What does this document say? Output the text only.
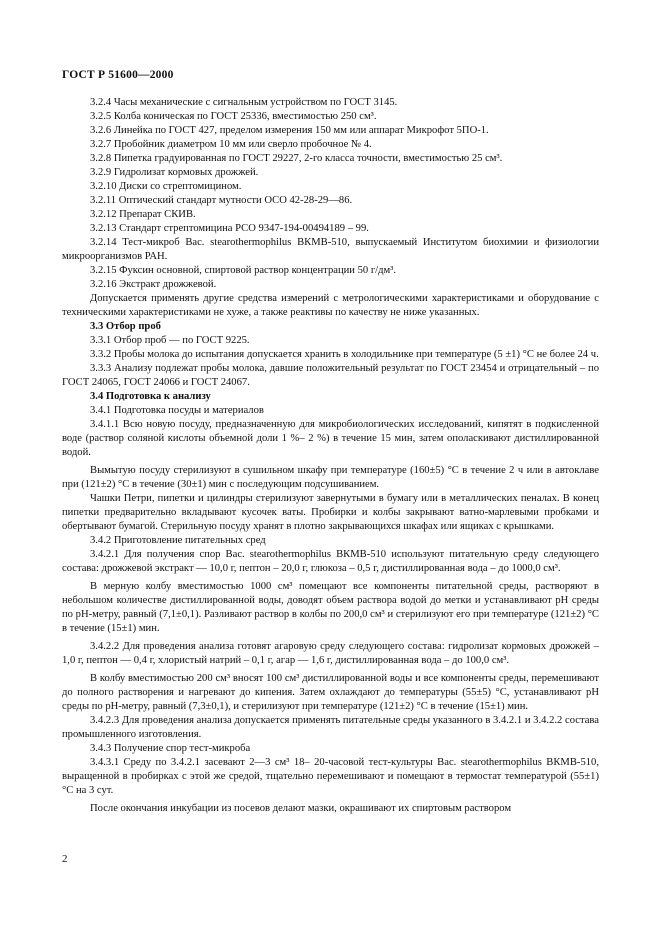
ГОСТ Р 51600—2000

3.2.4 Часы механические с сигнальным устройством по ГОСТ 3145.

3.2.5 Колба коническая по ГОСТ 25336, вместимостью 250 см³.

3.2.6 Линейка по ГОСТ 427, пределом измерения 150 мм или аппарат Микрофот 5ПО-1.

3.2.7 Пробойник диаметром 10 мм или сверло пробочное № 4.

3.2.8 Пипетка градуированная по ГОСТ 29227, 2-го класса точности, вместимостью 25 см³.

3.2.9 Гидролизат кормовых дрожжей.

3.2.10 Диски со стрептомицином.

3.2.11 Оптический стандарт мутности ОСО 42-28-29—86.

3.2.12 Препарат СКИВ.

3.2.13 Стандарт стрептомицина РСО 9347-194-00494189 – 99.

3.2.14 Тест-микроб Bac. stearothermophilus ВКМВ-510, выпускаемый Институтом биохимии и физиологии микроорганизмов РАН.

3.2.15 Фуксин основной, спиртовой раствор концентрации 50 г/дм³.

3.2.16 Экстракт дрожжевой.

Допускается применять другие средства измерений с метрологическими характеристиками и оборудование с техническими характеристиками не хуже, а также реактивы по качеству не ниже указанных.

3.3 Отбор проб

3.3.1 Отбор проб — по ГОСТ 9225.

3.3.2 Пробы молока до испытания допускается хранить в холодильнике при температуре (5 ±1) °С не более 24 ч.

3.3.3 Анализу подлежат пробы молока, давшие положительный результат по ГОСТ 23454 и отрицательный – по ГОСТ 24065, ГОСТ 24066 и ГОСТ 24067.

3.4 Подготовка к анализу

3.4.1 Подготовка посуды и материалов

3.4.1.1 Всю новую посуду, предназначенную для микробиологических исследований, кипятят в подкисленной воде (раствор соляной кислоты объемной доли 1 %– 2 %) в течение 15 мин, затем ополаскивают дистиллированной водой.

Вымытую посуду стерилизуют в сушильном шкафу при температуре (160±5) °С в течение 2 ч или в автоклаве при (121±2) °С в течение (30±1) мин с последующим подсушиванием.

Чашки Петри, пипетки и цилиндры стерилизуют завернутыми в бумагу или в металлических пеналах. В конец пипетки предварительно вкладывают кусочек ваты. Пробирки и колбы закрывают ватно-марлевыми пробками и обертывают бумагой. Стерильную посуду хранят в плотно закрывающихся шкафах или ящиках с крышками.

3.4.2 Приготовление питательных сред

3.4.2.1 Для получения спор Bac. stearothermophilus ВКМВ-510 используют питательную среду следующего состава: дрожжевой экстракт — 10,0 г, пептон – 20,0 г, глюкоза – 0,5 г, дистиллированная вода – до 1000,0 см³.

В мерную колбу вместимостью 1000 см³ помещают все компоненты питательной среды, растворяют в небольшом количестве дистиллированной воды, доводят объем раствора водой до метки и устанавливают рН среды по рН-метру, равный (7,1±0,1). Разливают раствор в колбы по 200,0 см³ и стерилизуют его при температуре (121±2) °С в течение (15±1) мин.

3.4.2.2 Для проведения анализа готовят агаровую среду следующего состава: гидролизат кормовых дрожжей – 1,0 г, пептон — 0,4 г, хлористый натрий – 0,1 г, агар — 1,6 г, дистиллированная вода – до 100,0 см³.

В колбу вместимостью 200 см³ вносят 100 см³ дистиллированной воды и все компоненты среды, перемешивают до полного растворения и нагревают до кипения. Затем охлаждают до температуры (55±5) °С, устанавливают рН среды по рН-метру, равный (7,3±0,1), и стерилизуют при температуре (121±2) °С в течение (15±1) мин.

3.4.2.3 Для проведения анализа допускается применять питательные среды указанного в 3.4.2.1 и 3.4.2.2 состава промышленного изготовления.

3.4.3 Получение спор тест-микроба

3.4.3.1 Среду по 3.4.2.1 засевают 2—3 см³ 18– 20-часовой тест-культуры Bac. stearothermophilus ВКМВ-510, выращенной в пробирках с этой же средой, тщательно перемешивают и помещают в термостат температурой (55±1) °С на 3 сут.

После окончания инкубации из посевов делают мазки, окрашивают их спиртовым раствором

2
